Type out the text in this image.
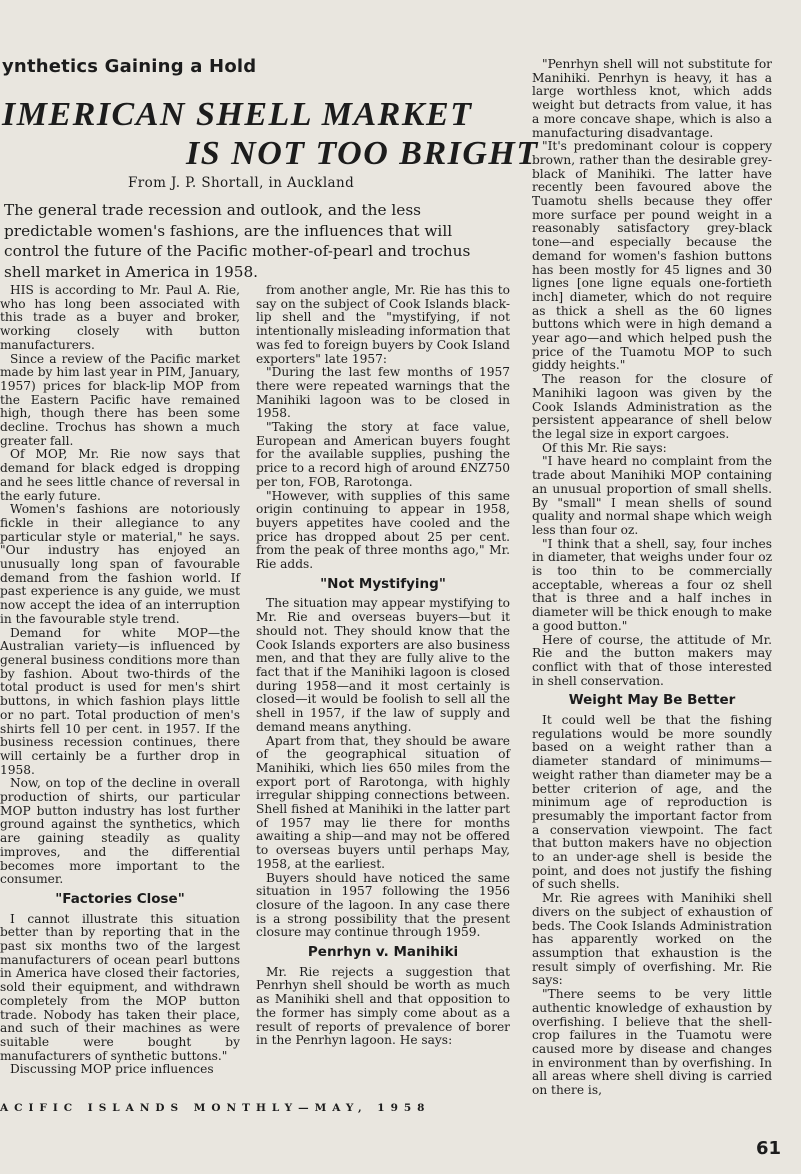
ynthetics Gaining a Hold
IMERICAN SHELL MARKET
IS NOT TOO BRIGHT
From J. P. Shortall, in Auckland
The general trade recession and outlook, and the less predictable women's fashions, are the influences that will control the future of the Pacific mother-of-pearl and trochus shell market in America in 1958.

HIS is according to Mr. Paul A. Rie, who has long been associated with this trade as a buyer and broker, working closely with button manufacturers.

Since a review of the Pacific market made by him last year in PIM, January, 1957) prices for black-lip MOP from the Eastern Pacific have remained high, though there has been some decline. Trochus has shown a much greater fall.

Of MOP, Mr. Rie now says that demand for black edged is dropping and he sees little chance of reversal in the early future.

Women's fashions are notoriously fickle in their allegiance to any particular style or material," he says. "Our industry has enjoyed an unusually long span of favourable demand from the fashion world. If past experience is any guide, we must now accept the idea of an interruption in the favourable style trend.

Demand for white MOP—the Australian variety—is influenced by general business conditions more than by fashion. About two-thirds of the total product is used for men's shirt buttons, in which fashion plays little or no part. Total production of men's shirts fell 10 per cent. in 1957. If the business recession continues, there will certainly be a further drop in 1958.

Now, on top of the decline in overall production of shirts, our particular MOP button industry has lost further ground against the synthetics, which are gaining steadily as quality improves, and the differential becomes more important to the consumer.

"Factories Close"

I cannot illustrate this situation better than by reporting that in the past six months two of the largest manufacturers of ocean pearl buttons in America have closed their factories, sold their equipment, and withdrawn completely from the MOP button trade. Nobody has taken their place, and such of their machines as were suitable were bought by manufacturers of synthetic buttons."

Discussing MOP price influences

from another angle, Mr. Rie has this to say on the subject of Cook Islands black-lip shell and the "mystifying, if not intentionally misleading information that was fed to foreign buyers by Cook Island exporters" late 1957:

"During the last few months of 1957 there were repeated warnings that the Manihiki lagoon was to be closed in 1958.

"Taking the story at face value, European and American buyers fought for the available supplies, pushing the price to a record high of around £NZ750 per ton, FOB, Rarotonga.

"However, with supplies of this same origin continuing to appear in 1958, buyers appetites have cooled and the price has dropped about 25 per cent. from the peak of three months ago," Mr. Rie adds.

"Not Mystifying"

The situation may appear mystifying to Mr. Rie and overseas buyers—but it should not. They should know that the Cook Islands exporters are also business men, and that they are fully alive to the fact that if the Manihiki lagoon is closed during 1958—and it most certainly is closed—it would be foolish to sell all the shell in 1957, if the law of supply and demand means anything.

Apart from that, they should be aware of the geographical situation of Manihiki, which lies 650 miles from the export port of Rarotonga, with highly irregular shipping connections between. Shell fished at Manihiki in the latter part of 1957 may lie there for months awaiting a ship—and may not be offered to overseas buyers until perhaps May, 1958, at the earliest.

Buyers should have noticed the same situation in 1957 following the 1956 closure of the lagoon. In any case there is a strong possibility that the present closure may continue through 1959.

Penrhyn v. Manihiki

Mr. Rie rejects a suggestion that Penrhyn shell should be worth as much as Manihiki shell and that opposition to the former has simply come about as a result of reports of prevalence of borer in the Penrhyn lagoon. He says:

"Penrhyn shell will not substitute for Manihiki. Penrhyn is heavy, it has a large worthless knot, which adds weight but detracts from value, it has a more concave shape, which is also a manufacturing disadvantage.

"It's predominant colour is coppery brown, rather than the desirable grey-black of Manihiki. The latter have recently been favoured above the Tuamotu shells because they offer more surface per pound weight in a reasonably satisfactory grey-black tone—and especially because the demand for women's fashion buttons has been mostly for 45 lignes and 30 lignes [one ligne equals one-fortieth inch] diameter, which do not require as thick a shell as the 60 lignes buttons which were in high demand a year ago—and which helped push the price of the Tuamotu MOP to such giddy heights."

The reason for the closure of Manihiki lagoon was given by the Cook Islands Administration as the persistent appearance of shell below the legal size in export cargoes.

Of this Mr. Rie says:

"I have heard no complaint from the trade about Manihiki MOP containing an unusual proportion of small shells. By "small" I mean shells of sound quality and normal shape which weigh less than four oz.

"I think that a shell, say, four inches in diameter, that weighs under four oz is too thin to be commercially acceptable, whereas a four oz shell that is three and a half inches in diameter will be thick enough to make a good button."

Here of course, the attitude of Mr. Rie and the button makers may conflict with that of those interested in shell conservation.

Weight May Be Better

It could well be that the fishing regulations would be more soundly based on a weight rather than a diameter standard of minimums—weight rather than diameter may be a better criterion of age, and the minimum age of reproduction is presumably the important factor from a conservation viewpoint. The fact that button makers have no objection to an under-age shell is beside the point, and does not justify the fishing of such shells.

Mr. Rie agrees with Manihiki shell divers on the subject of exhaustion of beds. The Cook Islands Administration has apparently worked on the assumption that exhaustion is the result simply of overfishing. Mr. Rie says:

"There seems to be very little authentic knowledge of exhaustion by overfishing. I believe that the shell-crop failures in the Tuamotu were caused more by disease and changes in environment than by overfishing. In all areas where shell diving is carried on there is,

ACIFIC ISLANDS MONTHLY—MAY, 1958
61
